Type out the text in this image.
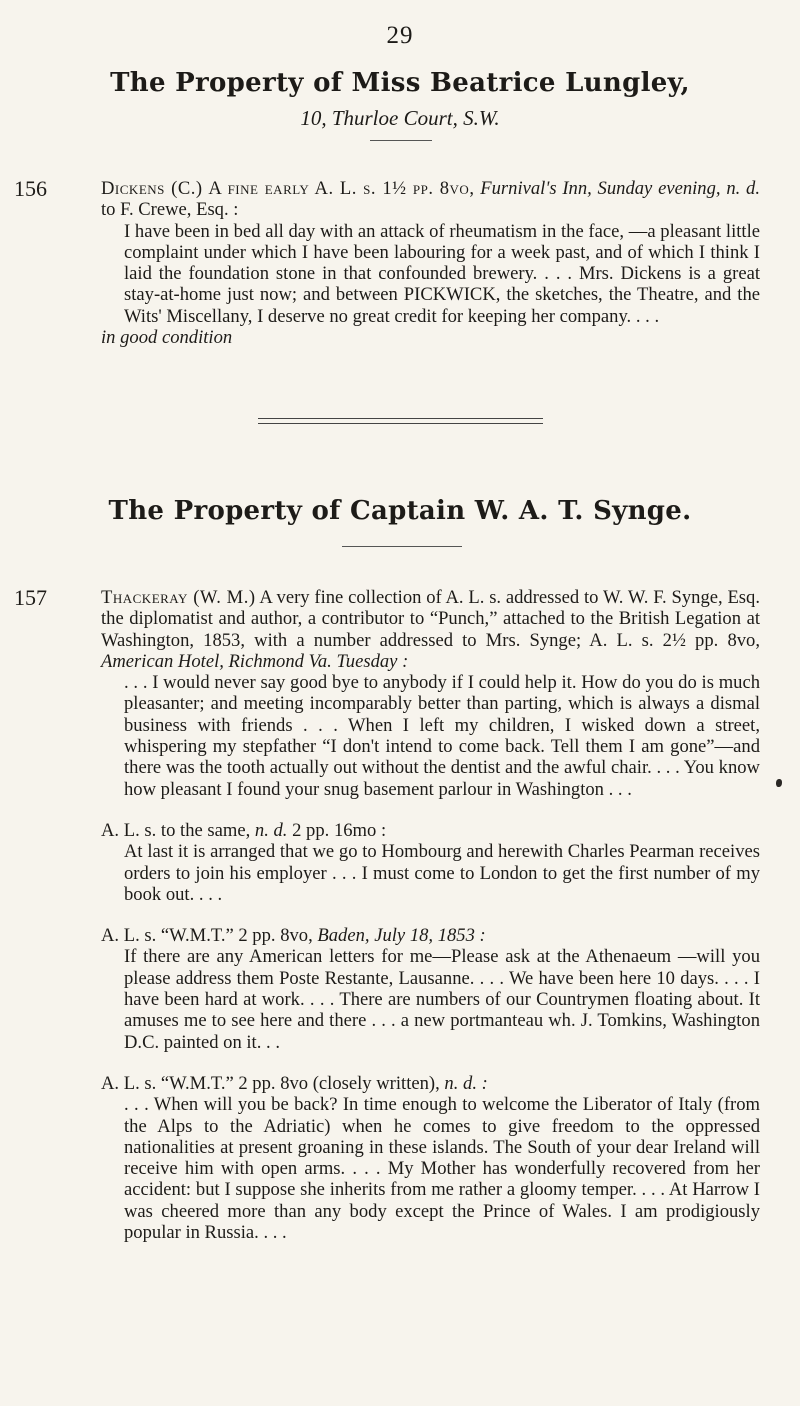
29
The Property of Miss Beatrice Lungley,
10, Thurloe Court, S.W.
156	Dickens (C.) A fine early A. L. s. 1½ pp. 8vo, Furnival's Inn, Sunday evening, n. d. to F. Crewe, Esq. :

I have been in bed all day with an attack of rheumatism in the face, —a pleasant little complaint under which I have been labouring for a week past, and of which I think I laid the foundation stone in that confounded brewery. . . . Mrs. Dickens is a great stay-at-home just now; and between PICKWICK, the sketches, the Theatre, and the Wits' Miscellany, I deserve no great credit for keeping her company. . . .

in good condition

The Property of Captain W. A. T. Synge.
157	Thackeray (W. M.) A very fine collection of A. L. s. addressed to W. W. F. Synge, Esq. the diplomatist and author, a contributor to “Punch,” attached to the British Legation at Washington, 1853, with a number addressed to Mrs. Synge; A. L. s. 2½ pp. 8vo, American Hotel, Richmond Va. Tuesday :

. . . I would never say good bye to anybody if I could help it. How do you do is much pleasanter; and meeting incomparably better than parting, which is always a dismal business with friends . . . When I left my children, I wisked down a street, whispering my stepfather “I don't intend to come back. Tell them I am gone”—and there was the tooth actually out without the dentist and the awful chair. . . . You know how pleasant I found your snug basement parlour in Washington . . .

A. L. s. to the same, n. d. 2 pp. 16mo :

At last it is arranged that we go to Hombourg and herewith Charles Pearman receives orders to join his employer . . . I must come to London to get the first number of my book out. . . .

A. L. s. “W.M.T.” 2 pp. 8vo, Baden, July 18, 1853 :

If there are any American letters for me—Please ask at the Athenaeum —will you please address them Poste Restante, Lausanne. . . . We have been here 10 days. . . . I have been hard at work. . . . There are numbers of our Countrymen floating about. It amuses me to see here and there . . . a new portmanteau wh. J. Tomkins, Washington D.C. painted on it. . .

A. L. s. “W.M.T.” 2 pp. 8vo (closely written), n. d. :

. . . When will you be back? In time enough to welcome the Liberator of Italy (from the Alps to the Adriatic) when he comes to give freedom to the oppressed nationalities at present groaning in these islands. The South of your dear Ireland will receive him with open arms. . . . My Mother has wonderfully recovered from her accident: but I suppose she inherits from me rather a gloomy temper. . . . At Harrow I was cheered more than any body except the Prince of Wales. I am prodigiously popular in Russia. . . .
